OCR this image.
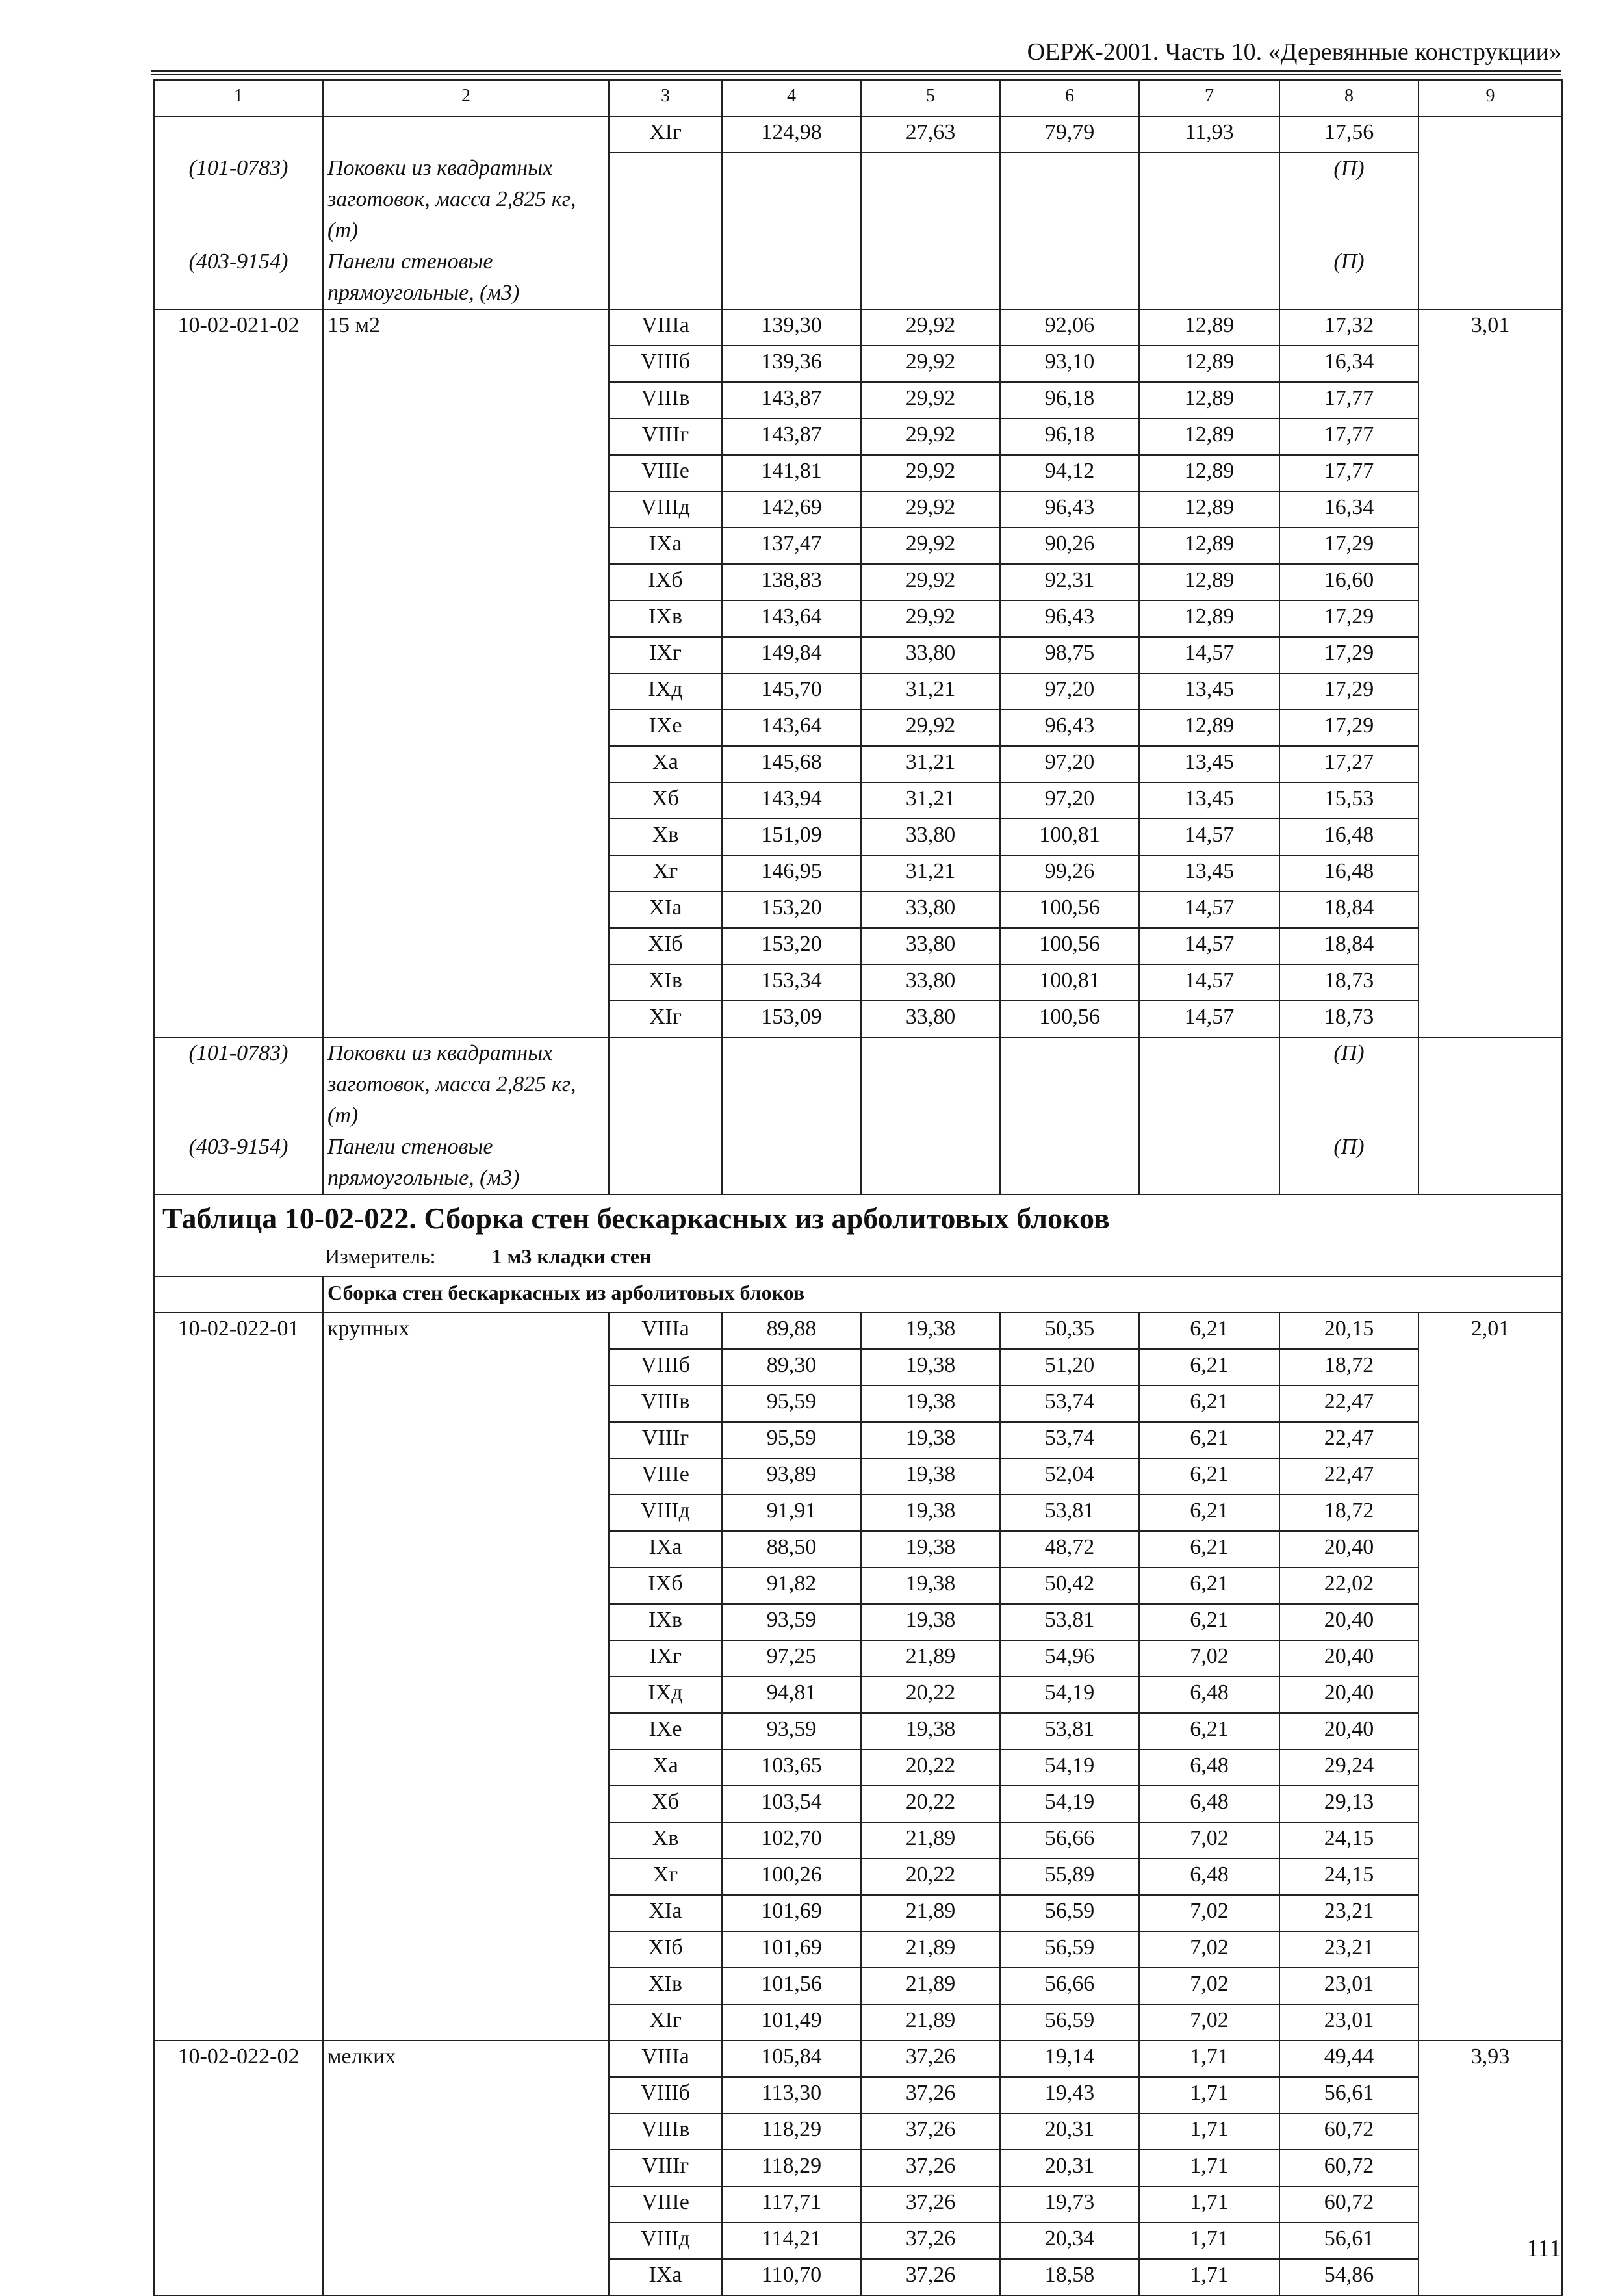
ОЕРЖ-2001. Часть 10. «Деревянные конструкции»
1	2	3	4	5	6	7	8	9
		XIг	124,98	27,63	79,79	11,93	17,56	
(101-0783)	Поковки из квадратных заготовок, масса 2,825 кг, (т)						(П)	
(403-9154)	Панели стеновые прямоугольные, (м3)						(П)	
10-02-021-02	15 м2	VIIIа	139,30	29,92	92,06	12,89	17,32	3,01
		VIIIб	139,36	29,92	93,10	12,89	16,34	
		VIIIв	143,87	29,92	96,18	12,89	17,77	
		VIIIг	143,87	29,92	96,18	12,89	17,77	
		VIIIе	141,81	29,92	94,12	12,89	17,77	
		VIIIд	142,69	29,92	96,43	12,89	16,34	
		IXа	137,47	29,92	90,26	12,89	17,29	
		IXб	138,83	29,92	92,31	12,89	16,60	
		IXв	143,64	29,92	96,43	12,89	17,29	
		IXг	149,84	33,80	98,75	14,57	17,29	
		IXд	145,70	31,21	97,20	13,45	17,29	
		IXе	143,64	29,92	96,43	12,89	17,29	
		Xа	145,68	31,21	97,20	13,45	17,27	
		Xб	143,94	31,21	97,20	13,45	15,53	
		Xв	151,09	33,80	100,81	14,57	16,48	
		Xг	146,95	31,21	99,26	13,45	16,48	
		XIа	153,20	33,80	100,56	14,57	18,84	
		XIб	153,20	33,80	100,56	14,57	18,84	
		XIв	153,34	33,80	100,81	14,57	18,73	
		XIг	153,09	33,80	100,56	14,57	18,73	
(101-0783)	Поковки из квадратных заготовок, масса 2,825 кг, (т)						(П)	
(403-9154)	Панели стеновые прямоугольные, (м3)						(П)	

Таблица 10-02-022. Сборка стен бескаркасных из арболитовых блоков
Измеритель: 1 м3 кладки стен								

	Сборка стен бескаркасных из арболитовых блоков							
10-02-022-01	крупных	VIIIа	89,88	19,38	50,35	6,21	20,15	2,01
		VIIIб	89,30	19,38	51,20	6,21	18,72	
		VIIIв	95,59	19,38	53,74	6,21	22,47	
		VIIIг	95,59	19,38	53,74	6,21	22,47	
		VIIIе	93,89	19,38	52,04	6,21	22,47	
		VIIIд	91,91	19,38	53,81	6,21	18,72	
		IXа	88,50	19,38	48,72	6,21	20,40	
		IXб	91,82	19,38	50,42	6,21	22,02	
		IXв	93,59	19,38	53,81	6,21	20,40	
		IXг	97,25	21,89	54,96	7,02	20,40	
		IXд	94,81	20,22	54,19	6,48	20,40	
		IXе	93,59	19,38	53,81	6,21	20,40	
		Xа	103,65	20,22	54,19	6,48	29,24	
		Xб	103,54	20,22	54,19	6,48	29,13	
		Xв	102,70	21,89	56,66	7,02	24,15	
		Xг	100,26	20,22	55,89	6,48	24,15	
		XIа	101,69	21,89	56,59	7,02	23,21	
		XIб	101,69	21,89	56,59	7,02	23,21	
		XIв	101,56	21,89	56,66	7,02	23,01	
		XIг	101,49	21,89	56,59	7,02	23,01	
10-02-022-02	мелких	VIIIа	105,84	37,26	19,14	1,71	49,44	3,93
		VIIIб	113,30	37,26	19,43	1,71	56,61	
		VIIIв	118,29	37,26	20,31	1,71	60,72	
		VIIIг	118,29	37,26	20,31	1,71	60,72	
		VIIIе	117,71	37,26	19,73	1,71	60,72	
		VIIIд	114,21	37,26	20,34	1,71	56,61	
		IXа	110,70	37,26	18,58	1,71	54,86	
111
